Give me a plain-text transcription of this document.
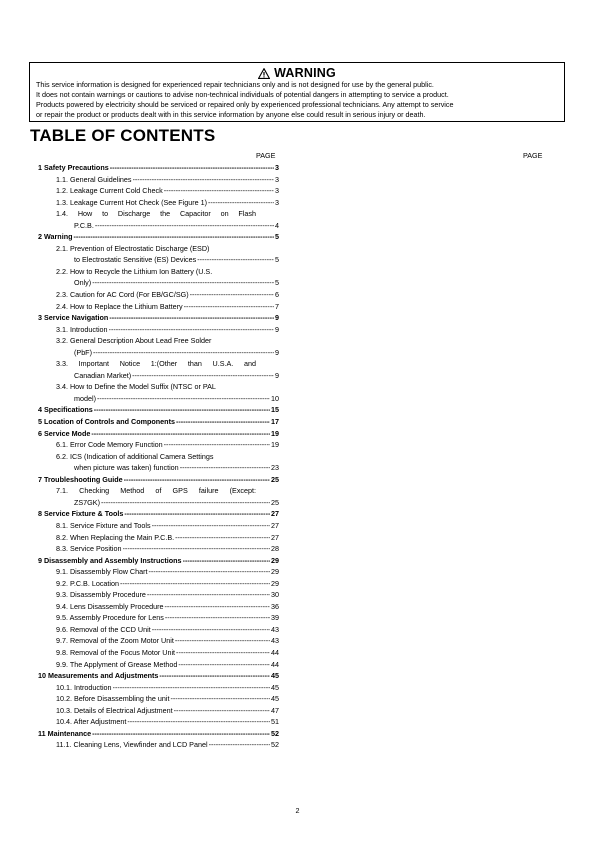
WARNING
This service information is designed for experienced repair technicians only and is not designed for use by the general public.
It does not contain warnings or cautions to advise non-technical individuals of potential dangers in attempting to service a product.
Products powered by electricity should be serviced or repaired only by experienced professional technicians. Any attempt to service
or repair the product or products dealt with in this service information by anyone else could result in serious injury or death.
TABLE OF CONTENTS
PAGE	PAGE
1 Safety Precautions -----	3
1.1. General Guidelines -----	3
1.2. Leakage Current Cold Check -----	3
1.3. Leakage Current Hot Check (See Figure 1) -----	3
1.4. How to Discharge the Capacitor on Flash
P.C.B. -----	4
2 Warning -----	5
2.1. Prevention of Electrostatic Discharge (ESD)
to Electrostatic Sensitive (ES) Devices -----	5
2.2. How to Recycle the Lithium Ion Battery (U.S.
Only) -----	5
2.3. Caution for AC Cord (For EB/GC/SG) -----	6
2.4. How to Replace the Lithium Battery -----	7
3 Service Navigation -----	9
3.1. Introduction -----	9
3.2. General Description About Lead Free Solder
(PbF) -----	9
3.3. Important Notice 1:(Other than U.S.A. and
Canadian Market) -----	9
3.4. How to Define the Model Suffix (NTSC or PAL
model) -----	10
4 Specifications -----	15
5 Location of Controls and Components -----	17
6 Service Mode -----	19
6.1. Error Code Memory Function -----	19
6.2. ICS (Indication of additional Camera Settings
when picture was taken) function -----	23
7 Troubleshooting Guide -----	25
7.1. Checking Method of GPS failure (Except:
ZS7GK) -----	25
8 Service Fixture & Tools -----	27
8.1. Service Fixture and Tools -----	27
8.2. When Replacing the Main P.C.B. -----	27
8.3. Service Position -----	28
9 Disassembly and Assembly Instructions -----	29
9.1. Disassembly Flow Chart -----	29
9.2. P.C.B. Location -----	29
9.3. Disassembly Procedure -----	30
9.4. Lens Disassembly Procedure -----	36
9.5. Assembly Procedure for Lens -----	39
9.6. Removal of the CCD Unit -----	43
9.7. Removal of the Zoom Motor Unit -----	43
9.8. Removal of the Focus Motor Unit -----	44
9.9. The Applyment of Grease Method -----	44
10 Measurements and Adjustments -----	45
10.1. Introduction -----	45
10.2. Before Disassembling the unit -----	45
10.3. Details of Electrical Adjustment -----	47
10.4. After Adjustment -----	51
11 Maintenance -----	52
11.1. Cleaning Lens, Viewfinder and LCD Panel -----	52
2
